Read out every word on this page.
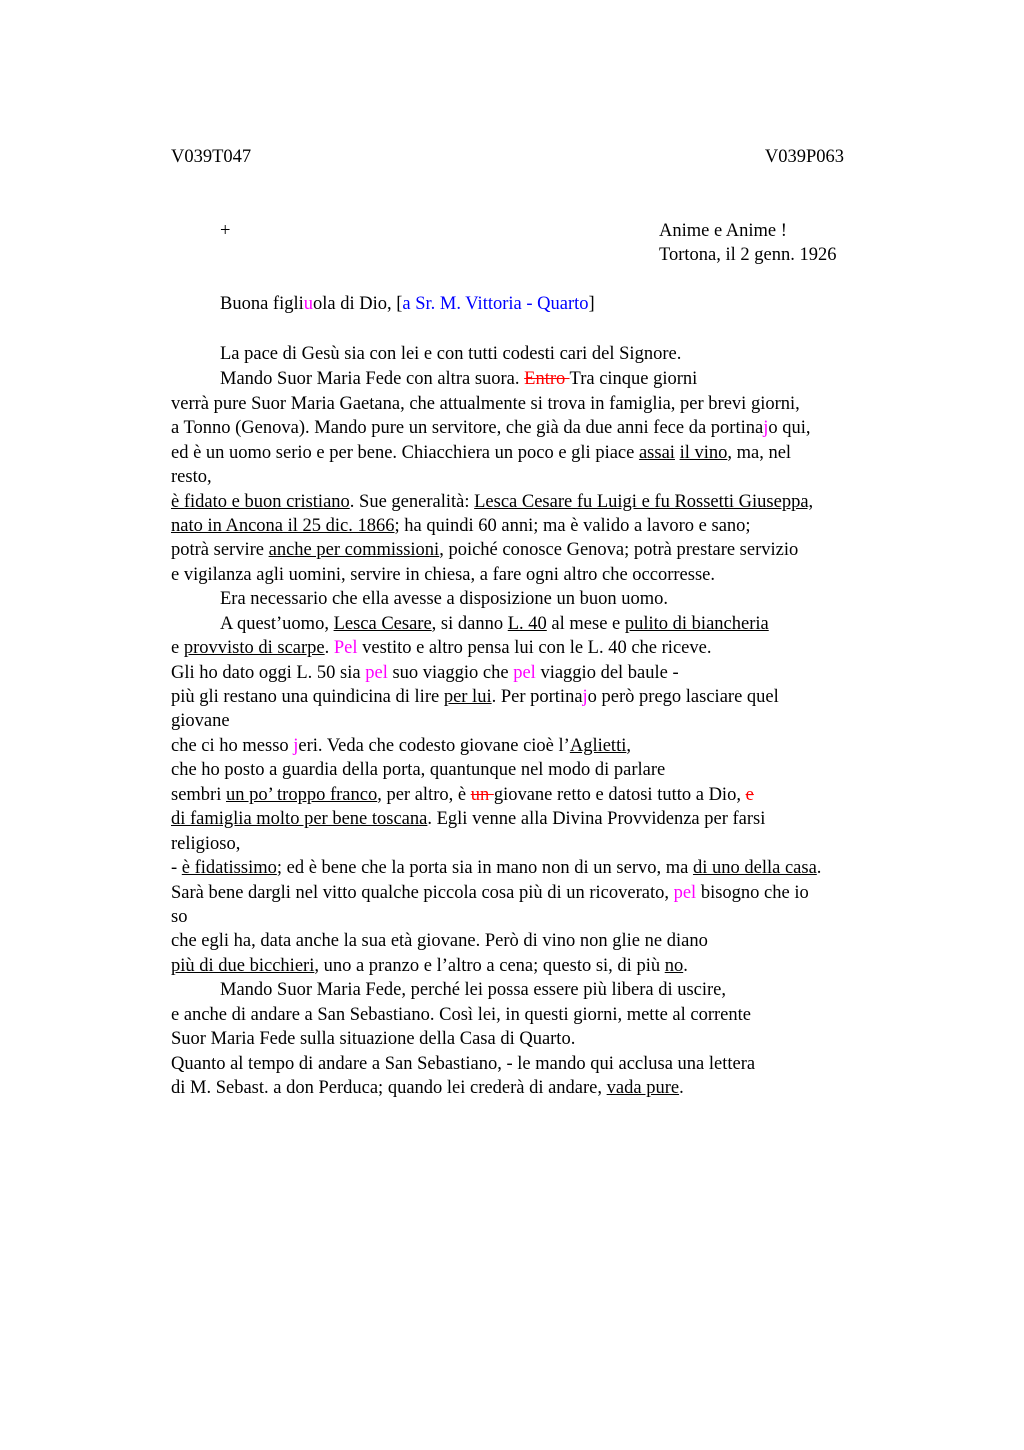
V039T047	V039P063
+	Anime e Anime !
Tortona, il 2 genn. 1926
Buona figliuola di Dio, [a Sr. M. Vittoria - Quarto]
La pace di Gesù sia con lei e con tutti codesti cari del Signore.
Mando Suor Maria Fede con altra suora. Entro Tra cinque giorni
verrà pure Suor Maria Gaetana, che attualmente si trova in famiglia, per brevi giorni,
a Tonno (Genova). Mando pure un servitore, che già da due anni fece da portinajo qui,
ed è un uomo serio e per bene. Chiacchiera un poco e gli piace assai il vino, ma, nel
resto,
è fidato e buon cristiano. Sue generalità: Lesca Cesare fu Luigi e fu Rossetti Giuseppa,
nato in Ancona il 25 dic. 1866; ha quindi 60 anni; ma è valido a lavoro e sano;
potrà servire anche per commissioni, poiché conosce Genova; potrà prestare servizio
e vigilanza agli uomini, servire in chiesa, a fare ogni altro che occorresse.
Era necessario che ella avesse a disposizione un buon uomo.
A quest’uomo, Lesca Cesare, si danno L. 40 al mese e pulito di biancheria
e provvisto di scarpe. Pel vestito e altro pensa lui con le L. 40 che riceve.
Gli ho dato oggi L. 50 sia pel suo viaggio che pel viaggio del baule -
più gli restano una quindicina di lire per lui. Per portinajo però prego lasciare quel
giovane
che ci ho messo jeri. Veda che codesto giovane cioè l’Aglietti,
che ho posto a guardia della porta, quantunque nel modo di parlare
sembri un po’ troppo franco, per altro, è un giovane retto e datosi tutto a Dio, e
di famiglia molto per bene toscana. Egli venne alla Divina Provvidenza per farsi
religioso,
- è fidatissimo; ed è bene che la porta sia in mano non di un servo, ma di uno della casa.
Sarà bene dargli nel vitto qualche piccola cosa più di un ricoverato, pel bisogno che io
so
che egli ha, data anche la sua età giovane. Però di vino non glie ne diano
più di due bicchieri, uno a pranzo e l’altro a cena; questo si, di più no.
Mando Suor Maria Fede, perché lei possa essere più libera di uscire,
e anche di andare a San Sebastiano. Così lei, in questi giorni, mette al corrente
Suor Maria Fede sulla situazione della Casa di Quarto.
Quanto al tempo di andare a San Sebastiano, - le mando qui acclusa una lettera
di M. Sebast. a don Perduca; quando lei crederà di andare, vada pure.
